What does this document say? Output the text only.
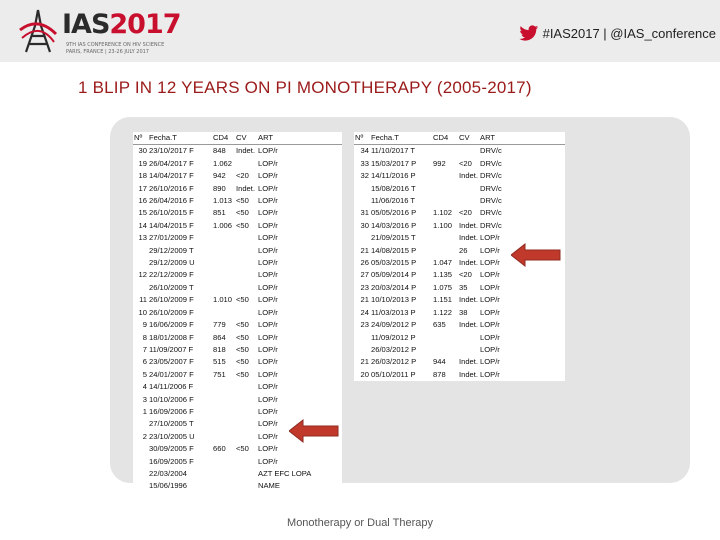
IAS2017
9TH IAS CONFERENCE ON HIV SCIENCE
PARIS, FRANCE | 23-26 JULY 2017
#IAS2017 | @IAS_conference
1 BLIP IN 12 YEARS ON PI MONOTHERAPY (2005-2017)
Nº	Fecha.T	CD4	CV	ART
30	23/10/2017 F	848	Indet.	LOP/r
19	26/04/2017 F	1.062		LOP/r
18	14/04/2017 F	942	<20	LOP/r
17	26/10/2016 F	890	Indet.	LOP/r
16	26/04/2016 F	1.013	<50	LOP/r
15	26/10/2015 F	851	<50	LOP/r
14	14/04/2015 F	1.006	<50	LOP/r
13	27/01/2009 F			LOP/r
	29/12/2009 T			LOP/r
	29/12/2009 U			LOP/r
12	22/12/2009 F			LOP/r
	26/10/2009 T			LOP/r
11	26/10/2009 F	1.010	<50	LOP/r
10	26/10/2009 F			LOP/r
9	16/06/2009 F	779	<50	LOP/r
8	18/01/2008 F	864	<50	LOP/r
7	11/09/2007 F	818	<50	LOP/r
6	23/05/2007 F	515	<50	LOP/r
5	24/01/2007 F	751	<50	LOP/r
4	14/11/2006 F			LOP/r
3	10/10/2006 F			LOP/r
1	16/09/2006 F			LOP/r
	27/10/2005 T			LOP/r
2	23/10/2005 U			LOP/r
	30/09/2005 F	660	<50	LOP/r
	16/09/2005 F			LOP/r
	22/03/2004			AZT EFC LOPA
	15/06/1996			NAME
Nº	Fecha.T	CD4	CV	ART
34	11/10/2017 T			DRV/c
33	15/03/2017 P	992	<20	DRV/c
32	14/11/2016 P		Indet.	DRV/c
	15/08/2016 T			DRV/c
	11/06/2016 T			DRV/c
31	05/05/2016 P	1.102	<20	DRV/c
30	14/03/2016 P	1.100	Indet.	DRV/c
	21/09/2015 T		Indet.	LOP/r
21	14/08/2015 P		26	LOP/r
26	05/03/2015 P	1.047	Indet.	LOP/r
27	05/09/2014 P	1.135	<20	LOP/r
23	20/03/2014 P	1.075	35	LOP/r
21	10/10/2013 P	1.151	Indet.	LOP/r
24	11/03/2013 P	1.122	38	LOP/r
23	24/09/2012 P	635	Indet.	LOP/r
	11/09/2012 P			LOP/r
	26/03/2012 P			LOP/r
21	26/03/2012 P	944	Indet.	LOP/r
20	05/10/2011 P	878	Indet.	LOP/r
Monotherapy or Dual Therapy
